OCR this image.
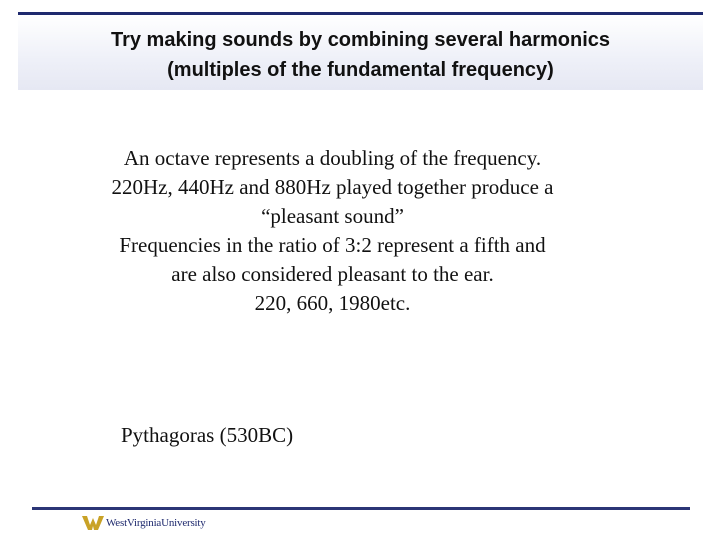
Try making sounds by combining several harmonics
(multiples of the fundamental frequency)

An octave represents a doubling of the frequency.

220Hz, 440Hz and 880Hz played together produce a

“pleasant sound”

Frequencies in the ratio of 3:2 represent a fifth and

are also considered pleasant to the ear.

220, 660, 1980etc.

Pythagoras (530BC)
WestVirginiaUniversity
